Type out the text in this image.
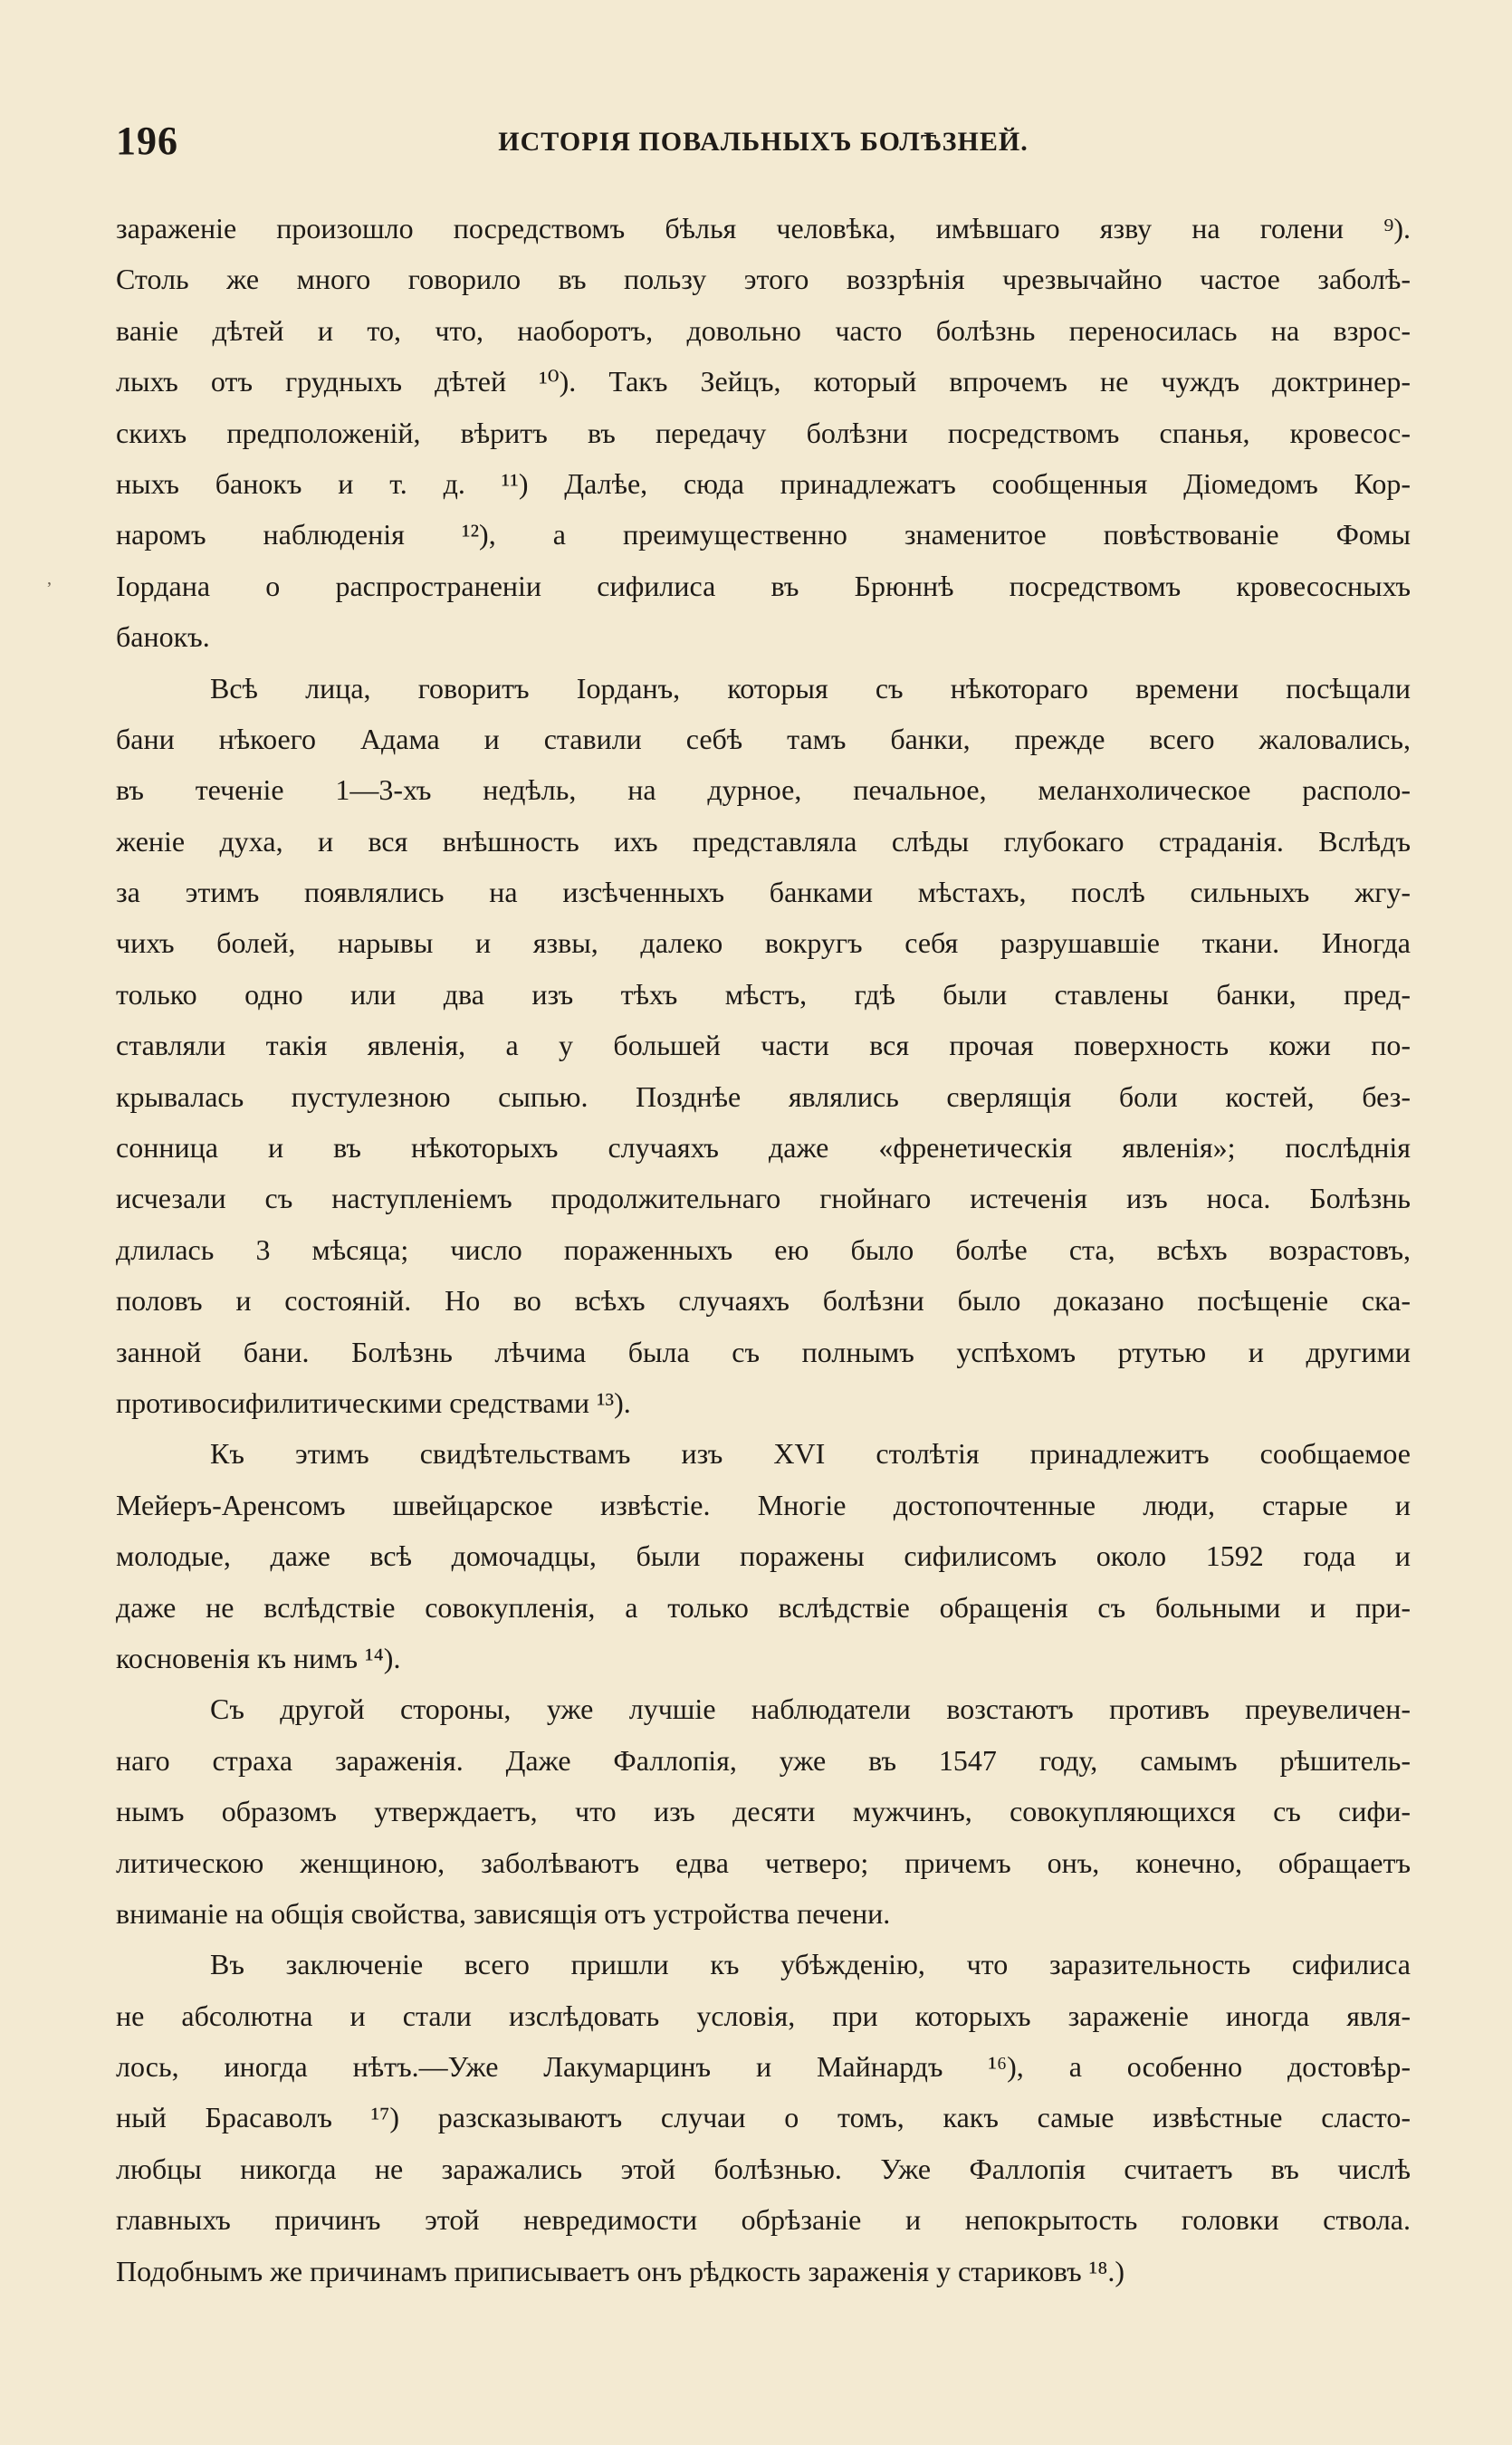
196	ИСТОРІЯ ПОВАЛЬНЫХЪ БОЛѢЗНЕЙ.
,
зараженіе произошло посредствомъ бѣлья человѣка, имѣвшаго язву на голени ⁹).
Столь же много говорило въ пользу этого воззрѣнія чрезвычайно частое заболѣ-
ваніе дѣтей и то, что, наоборотъ, довольно часто болѣзнь переносилась на взрос-
лыхъ отъ грудныхъ дѣтей ¹⁰). Такъ Зейцъ, который впрочемъ не чуждъ доктринер-
скихъ предположеній, вѣритъ въ передачу болѣзни посредствомъ спанья, кровесос-
ныхъ банокъ и т. д. ¹¹) Далѣе, сюда принадлежатъ сообщенныя Діомедомъ Кор-
наромъ наблюденія ¹²), а преимущественно знаменитое повѣствованіе Фомы
Іордана о распространеніи сифилиса въ Брюннѣ посредствомъ кровесосныхъ
банокъ.
Всѣ лица, говоритъ Іорданъ, которыя съ нѣкотораго времени посѣщали
бани нѣкоего Адама и ставили себѣ тамъ банки, прежде всего жаловались,
въ теченіе 1—3-хъ недѣль, на дурное, печальное, меланхолическое располо-
женіе духа, и вся внѣшность ихъ представляла слѣды глубокаго страданія. Вслѣдъ
за этимъ появлялись на изсѣченныхъ банками мѣстахъ, послѣ сильныхъ жгу-
чихъ болей, нарывы и язвы, далеко вокругъ себя разрушавшіе ткани. Иногда
только одно или два изъ тѣхъ мѣстъ, гдѣ были ставлены банки, пред-
ставляли такія явленія, а у большей части вся прочая поверхность кожи по-
крывалась пустулезною сыпью. Позднѣе являлись сверлящія боли костей, без-
сонница и въ нѣкоторыхъ случаяхъ даже «френетическія явленія»; послѣднія
исчезали съ наступленіемъ продолжительнаго гнойнаго истеченія изъ носа. Болѣзнь
длилась 3 мѣсяца; число пораженныхъ ею было болѣе ста, всѣхъ возрастовъ,
половъ и состояній. Но во всѣхъ случаяхъ болѣзни было доказано посѣщеніе ска-
занной бани. Болѣзнь лѣчима была съ полнымъ успѣхомъ ртутью и другими
противосифилитическими средствами ¹³).
Къ этимъ свидѣтельствамъ изъ XVI столѣтія принадлежитъ сообщаемое
Мейеръ-Аренсомъ швейцарское извѣстіе. Многіе достопочтенные люди, старые и
молодые, даже всѣ домочадцы, были поражены сифилисомъ около 1592 года и
даже не вслѣдствіе совокупленія, а только вслѣдствіе обращенія съ больными и при-
косновенія къ нимъ ¹⁴).
Съ другой стороны, уже лучшіе наблюдатели возстаютъ противъ преувеличен-
наго страха зараженія. Даже Фаллопія, уже въ 1547 году, самымъ рѣшитель-
нымъ образомъ утверждаетъ, что изъ десяти мужчинъ, совокупляющихся съ сифи-
литическою женщиною, заболѣваютъ едва четверо; причемъ онъ, конечно, обращаетъ
вниманіе на общія свойства, зависящія отъ устройства печени.
Въ заключеніе всего пришли къ убѣжденію, что заразительность сифилиса
не абсолютна и стали изслѣдовать условія, при которыхъ зараженіе иногда явля-
лось, иногда нѣтъ.—Уже Лакумарцинъ и Майнардъ ¹⁶), а особенно достовѣр-
ный Брасаволъ ¹⁷) разсказываютъ случаи о томъ, какъ самые извѣстные сласто-
любцы никогда не заражались этой болѣзнью. Уже Фаллопія считаетъ въ числѣ
главныхъ причинъ этой невредимости обрѣзаніе и непокрытость головки ствола.
Подобнымъ же причинамъ приписываетъ онъ рѣдкость зараженія у стариковъ ¹⁸.)
